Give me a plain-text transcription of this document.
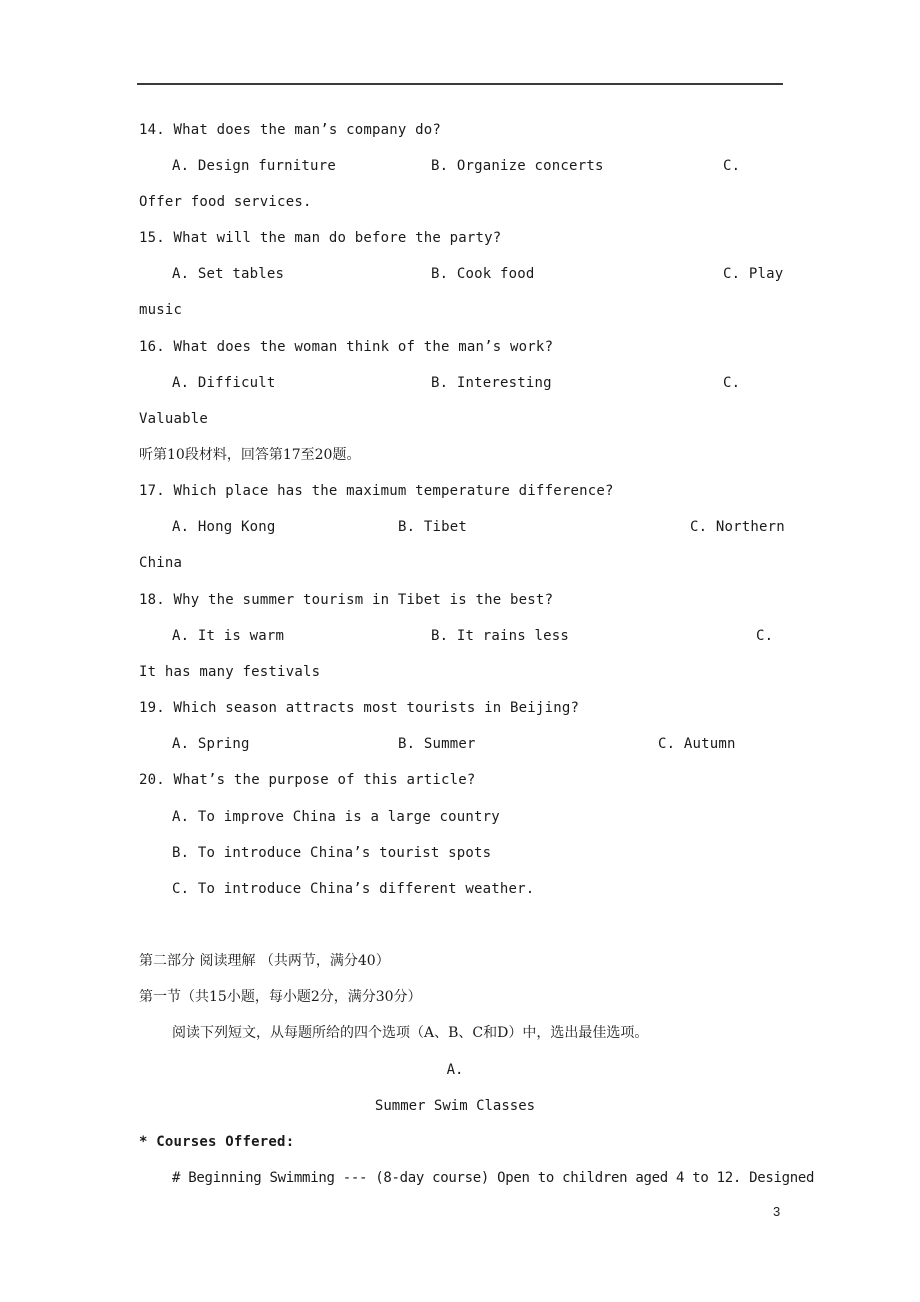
14. What does the man’s company do?
A. Design furniture	B. Organize concerts	C.
Offer food services.
15. What will the man do before the party?
A. Set tables	B. Cook food	C. Play
music
16. What does the woman think of the man’s work?
A. Difficult	B. Interesting	C.
Valuable
听第10段材料，回答第17至20题。
17. Which place has the maximum temperature difference?
A. Hong Kong	B. Tibet	C. Northern
China
18. Why the summer tourism in Tibet is the best?
A. It is warm	B. It rains less	C.
It has many festivals
19. Which season attracts most tourists in Beijing?
A. Spring	B. Summer	C. Autumn
20. What’s the purpose of this article?
A. To improve China is a large country
B. To introduce China’s tourist spots
C. To introduce China’s different weather.
第二部分 阅读理解 （共两节，满分40）
第一节（共15小题，每小题2分，满分30分）
阅读下列短文，从每题所给的四个选项（A、B、C和D）中，选出最佳选项。
A.
Summer Swim Classes
* Courses Offered:
# Beginning Swimming --- (8-day course) Open to children aged 4 to 12. Designed
3
